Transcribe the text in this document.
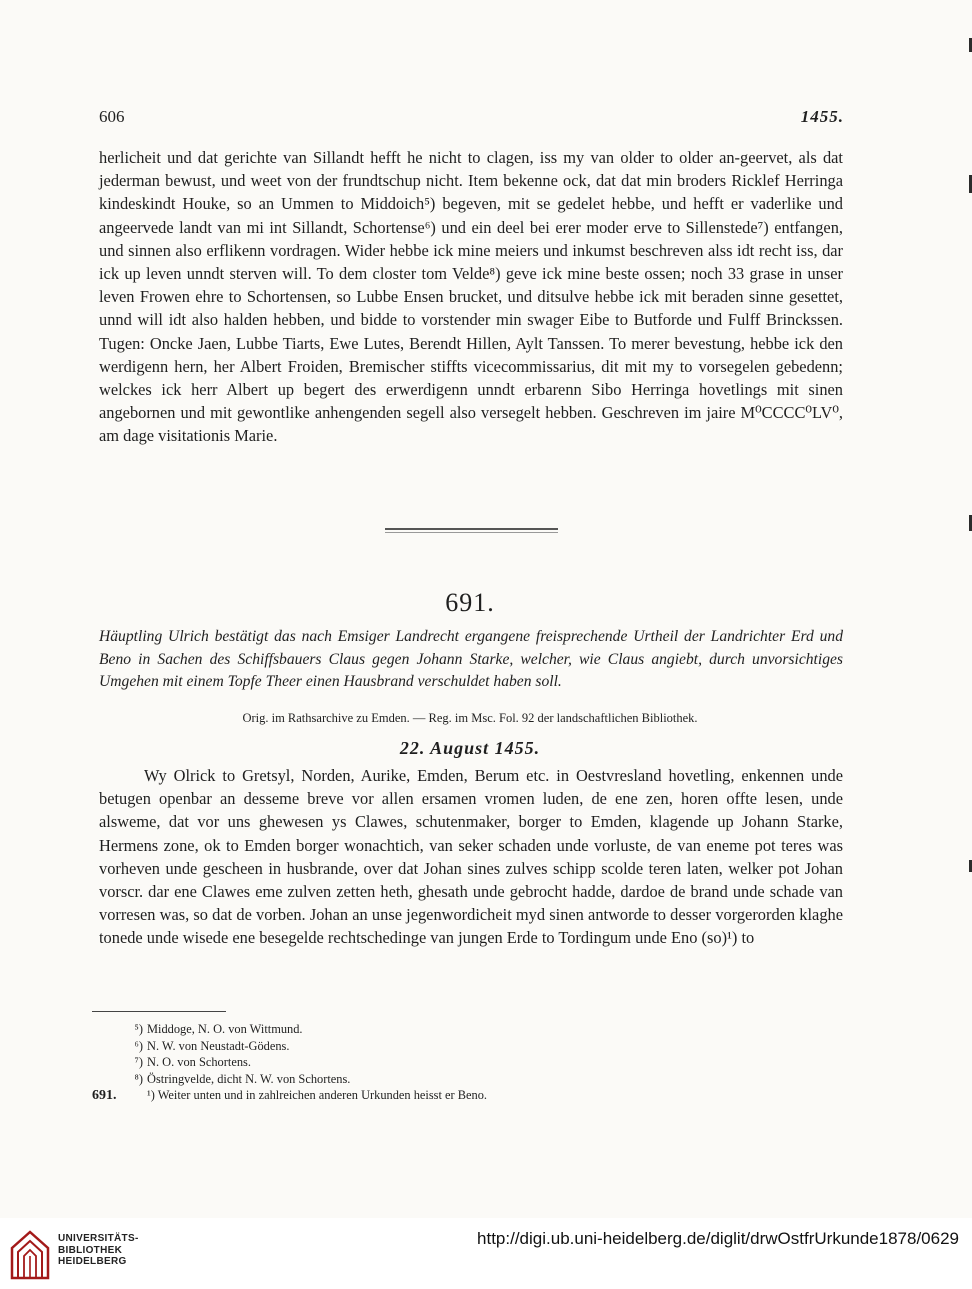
606	1455.

herlicheit und dat gerichte van Sillandt hefft he nicht to clagen, iss my van older to older an-geervet, als dat jederman bewust, und weet von der frundtschup nicht. Item bekenne ock, dat dat min broders Ricklef Herringa kindeskindt Houke, so an Ummen to Middoich⁵) begeven, mit se gedelet hebbe, und hefft er vaderlike und angeervede landt van mi int Sillandt, Schortense⁶) und ein deel bei erer moder erve to Sillenstede⁷) entfangen, und sinnen also erflikenn vordragen. Wider hebbe ick mine meiers und inkumst beschreven alss idt recht iss, dar ick up leven unndt sterven will. To dem closter tom Velde⁸) geve ick mine beste ossen; noch 33 grase in unser leven Frowen ehre to Schortensen, so Lubbe Ensen brucket, und ditsulve hebbe ick mit beraden sinne gesettet, unnd will idt also halden hebben, und bidde to vorstender min swager Eibe to Butforde und Fulff Brinckssen. Tugen: Oncke Jaen, Lubbe Tiarts, Ewe Lutes, Berendt Hillen, Aylt Tanssen. To merer bevestung, hebbe ick den werdigenn hern, her Albert Froiden, Bremischer stiffts vicecommissarius, dit mit my to vorsegelen gebedenn; welckes ick herr Albert up begert des erwerdigenn unndt erbarenn Sibo Herringa hovetlings mit sinen angebornen und mit gewontlike anhengenden segell also versegelt hebben. Geschreven im jaire M⁰CCCC⁰LV⁰, am dage visitationis Marie.

691.

Häuptling Ulrich bestätigt das nach Emsiger Landrecht ergangene freisprechende Urtheil der Landrichter Erd und Beno in Sachen des Schiffsbauers Claus gegen Johann Starke, welcher, wie Claus angiebt, durch unvorsichtiges Umgehen mit einem Topfe Theer einen Hausbrand verschuldet haben soll.

Orig. im Rathsarchive zu Emden. — Reg. im Msc. Fol. 92 der landschaftlichen Bibliothek.
22. August 1455.

Wy Olrick to Gretsyl, Norden, Aurike, Emden, Berum etc. in Oestvresland hovetling, enkennen unde betugen openbar an desseme breve vor allen ersamen vromen luden, de ene zen, horen offte lesen, unde alsweme, dat vor uns ghewesen ys Clawes, schutenmaker, borger to Emden, klagende up Johann Starke, Hermens zone, ok to Emden borger wonachtich, van seker schaden unde vorluste, de van eneme pot teres was vorheven unde gescheen in husbrande, over dat Johan sines zulves schipp scolde teren laten, welker pot Johan vorscr. dar ene Clawes eme zulven zetten heth, ghesath unde gebrocht hadde, dardoe de brand unde schade van vorresen was, so dat de vorben. Johan an unse jegenwordicheit myd sinen antworde to desser vorgerorden klaghe tonede unde wisede ene besegelde rechtschedinge van jungen Erde to Tordingum unde Eno (so)¹) to

⁵) Middoge, N. O. von Wittmund.
⁶) N. W. von Neustadt-Gödens.
⁷) N. O. von Schortens.
⁸) Östringvelde, dicht N. W. von Schortens.
691. ¹) Weiter unten und in zahlreichen anderen Urkunden heisst er Beno.
UNIVERSITÄTS-
BIBLIOTHEK
HEIDELBERG
http://digi.ub.uni-heidelberg.de/diglit/drwOstfrUrkunde1878/0629
